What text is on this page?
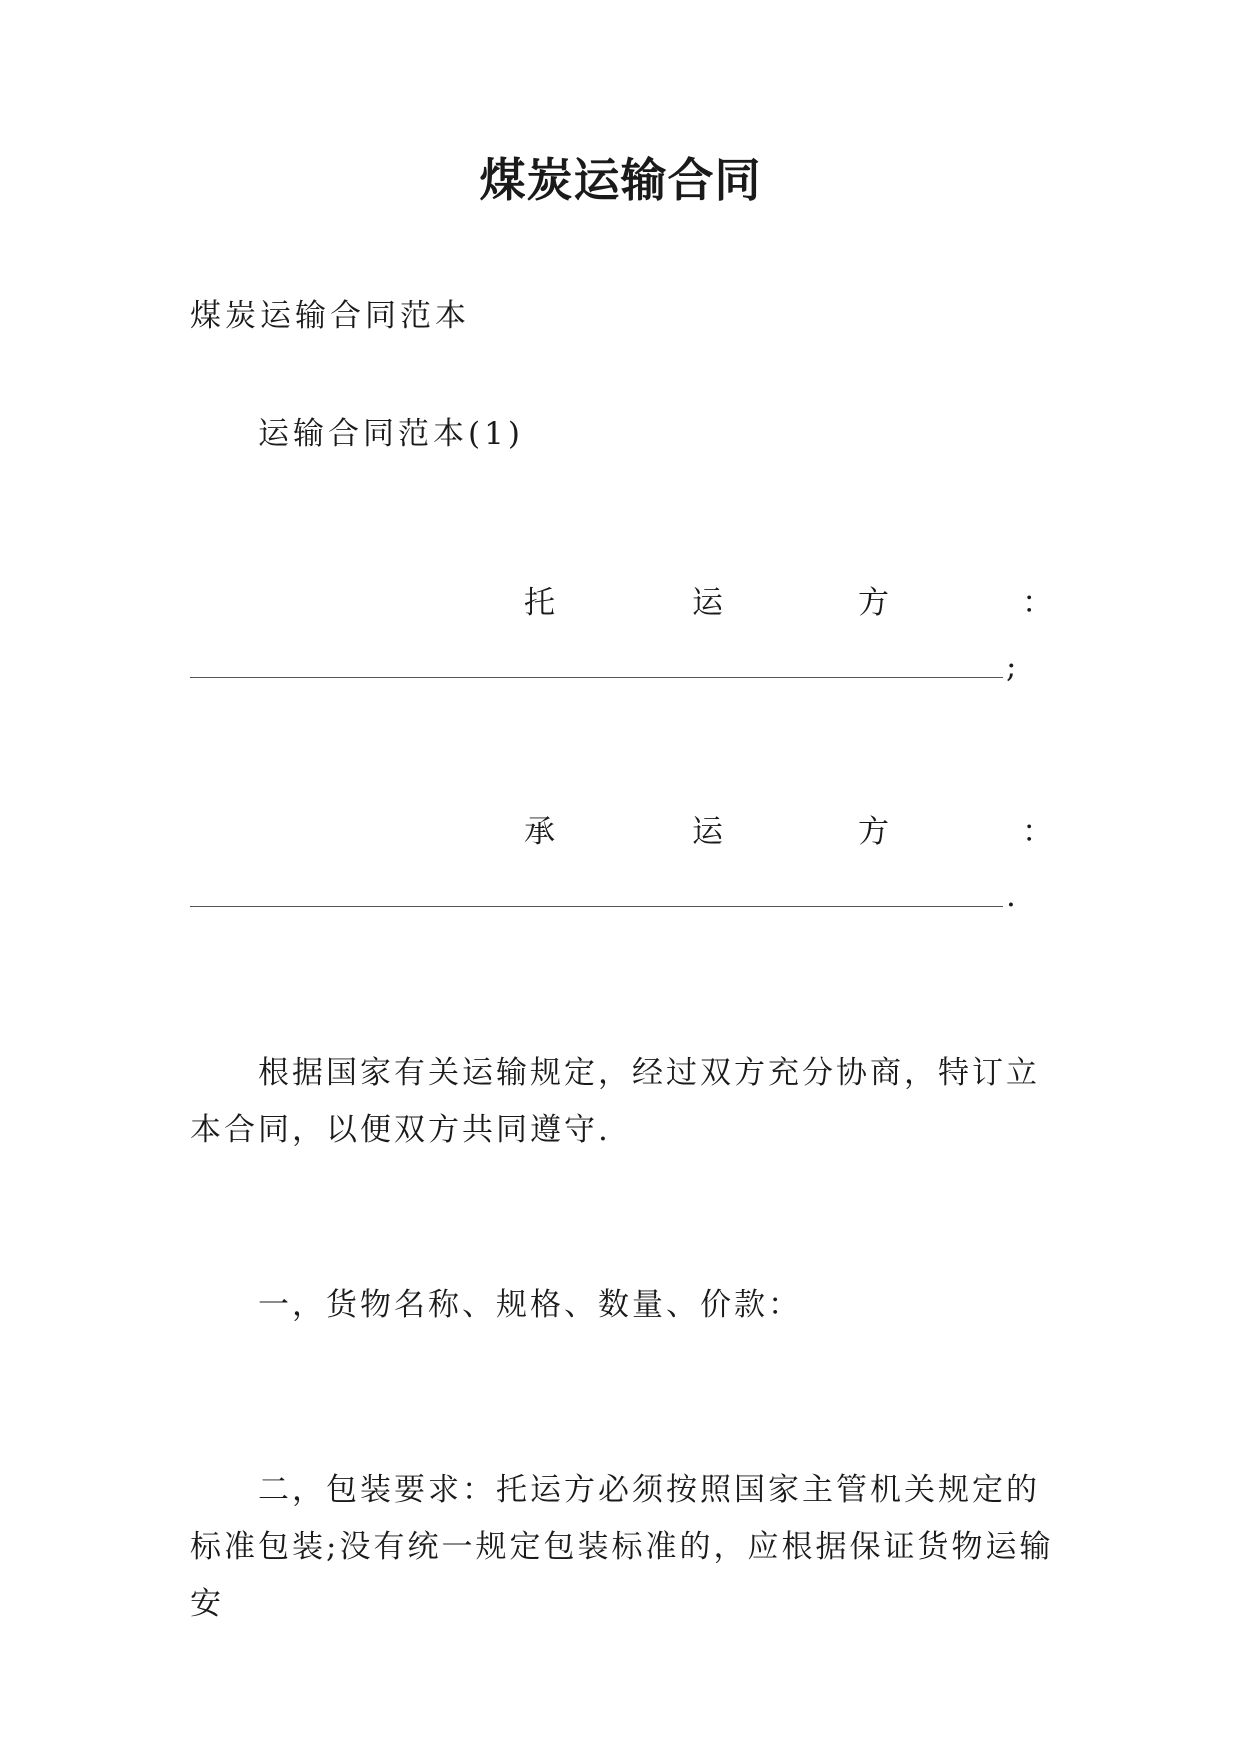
煤炭运输合同
煤炭运输合同范本
运输合同范本(1)
托	运	方	：
;
承	运	方	：
.
根据国家有关运输规定，经过双方充分协商，特订立本合同，以便双方共同遵守.
一，货物名称、规格、数量、价款：
二，包装要求：托运方必须按照国家主管机关规定的标准包装;没有统一规定包装标准的，应根据保证货物运输安
